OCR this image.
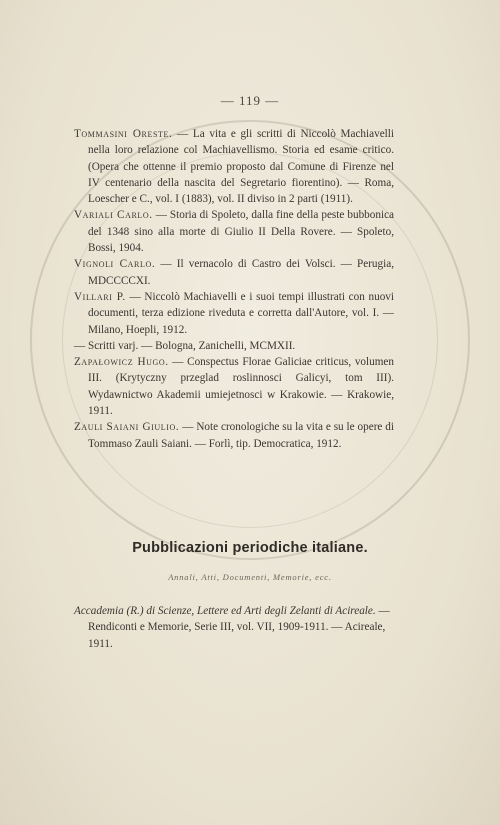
— 119 —

Tommasini Oreste. — La vita e gli scritti di Niccolò Machiavelli nella loro relazione col Machiavellismo. Storia ed esame critico. (Opera che ottenne il premio proposto dal Comune di Firenze nel IV centenario della nascita del Segretario fiorentino). — Roma, Loescher e C., vol. I (1883), vol. II diviso in 2 parti (1911).

Variali Carlo. — Storia di Spoleto, dalla fine della peste bubbonica del 1348 sino alla morte di Giulio II Della Rovere. — Spoleto, Bossi, 1904.

Vignoli Carlo. — Il vernacolo di Castro dei Volsci. — Perugia, MDCCCCXI.

Villari P. — Niccolò Machiavelli e i suoi tempi illustrati con nuovi documenti, terza edizione riveduta e corretta dall'Autore, vol. I. — Milano, Hoepli, 1912.

— Scritti varj. — Bologna, Zanichelli, MCMXII.

Zapałowicz Hugo. — Conspectus Florae Galiciae criticus, volumen III. (Krytyczny przeglad roslinnosci Galicyi, tom III). Wydawnictwo Akademii umiejetnosci w Krakowie. — Krakowie, 1911.

Zauli Saiani Giulio. — Note cronologiche su la vita e su le opere di Tommaso Zauli Saiani. — Forlì, tip. Democratica, 1912.

Pubblicazioni periodiche italiane.
Annali, Atti, Documenti, Memorie, ecc.

Accademia (R.) di Scienze, Lettere ed Arti degli Zelanti di Acireale. — Rendiconti e Memorie, Serie III, vol. VII, 1909-1911. — Acireale, 1911.
